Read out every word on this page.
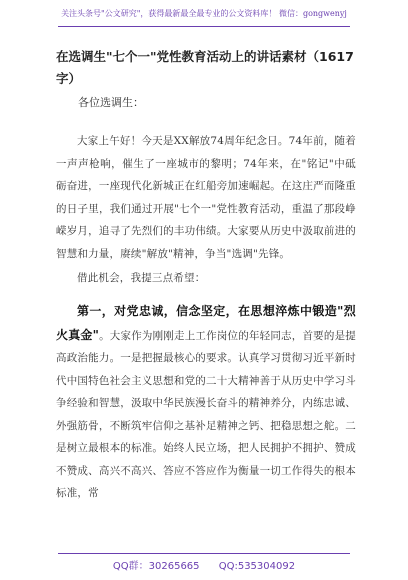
关注头条号"公文研究"，获得最新最全最专业的公文资料库！ 微信：gongwenyj
在选调生"七个一"党性教育活动上的讲话素材（1617字）
各位选调生：
大家上午好！今天是XX解放74周年纪念日。74年前，随着一声声枪响，催生了一座城市的黎明；74年来，在"铭记"中砥砺奋进，一座现代化新城正在红船旁加速崛起。在这庄严而隆重的日子里，我们通过开展"七个一"党性教育活动，重温了那段峥嵘岁月，追寻了先烈们的丰功伟绩。大家要从历史中汲取前进的智慧和力量，赓续"解放"精神，争当"选调"先锋。
借此机会，我提三点希望：
第一，对党忠诚，信念坚定，在思想淬炼中锻造"烈火真金"。大家作为刚刚走上工作岗位的年轻同志，首要的是提高政治能力。一是把握最核心的要求。认真学习贯彻习近平新时代中国特色社会主义思想和党的二十大精神善于从历史中学习斗争经验和智慧，汲取中华民族漫长奋斗的精神养分，内练忠诚、外强筋骨，不断筑牢信仰之基补足精神之钙、把稳思想之舵。二是树立最根本的标准。始终人民立场，把人民拥护不拥护、赞成不赞成、高兴不高兴、答应不答应作为衡量一切工作得失的根本标准，常
QQ群：30265665 QQ:535304092
